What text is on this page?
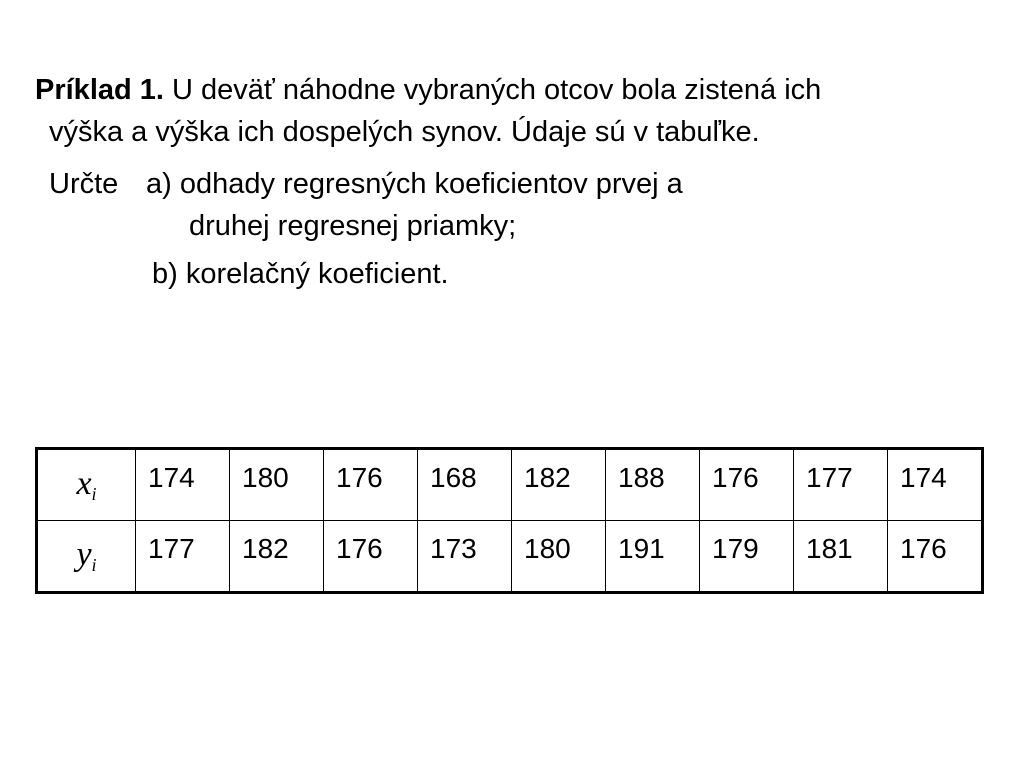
Príklad 1. U deväť náhodne vybraných otcov bola zistená ich
výška a výška ich dospelých synov. Údaje sú v tabuľke.
Určte a) odhady regresných koeficientov prvej a
druhej regresnej priamky;
b) korelačný koeficient.
$x_i$	174	180	176	168	182	188	176	177	174

$y_i$	177	182	176	173	180	191	179	181	176
